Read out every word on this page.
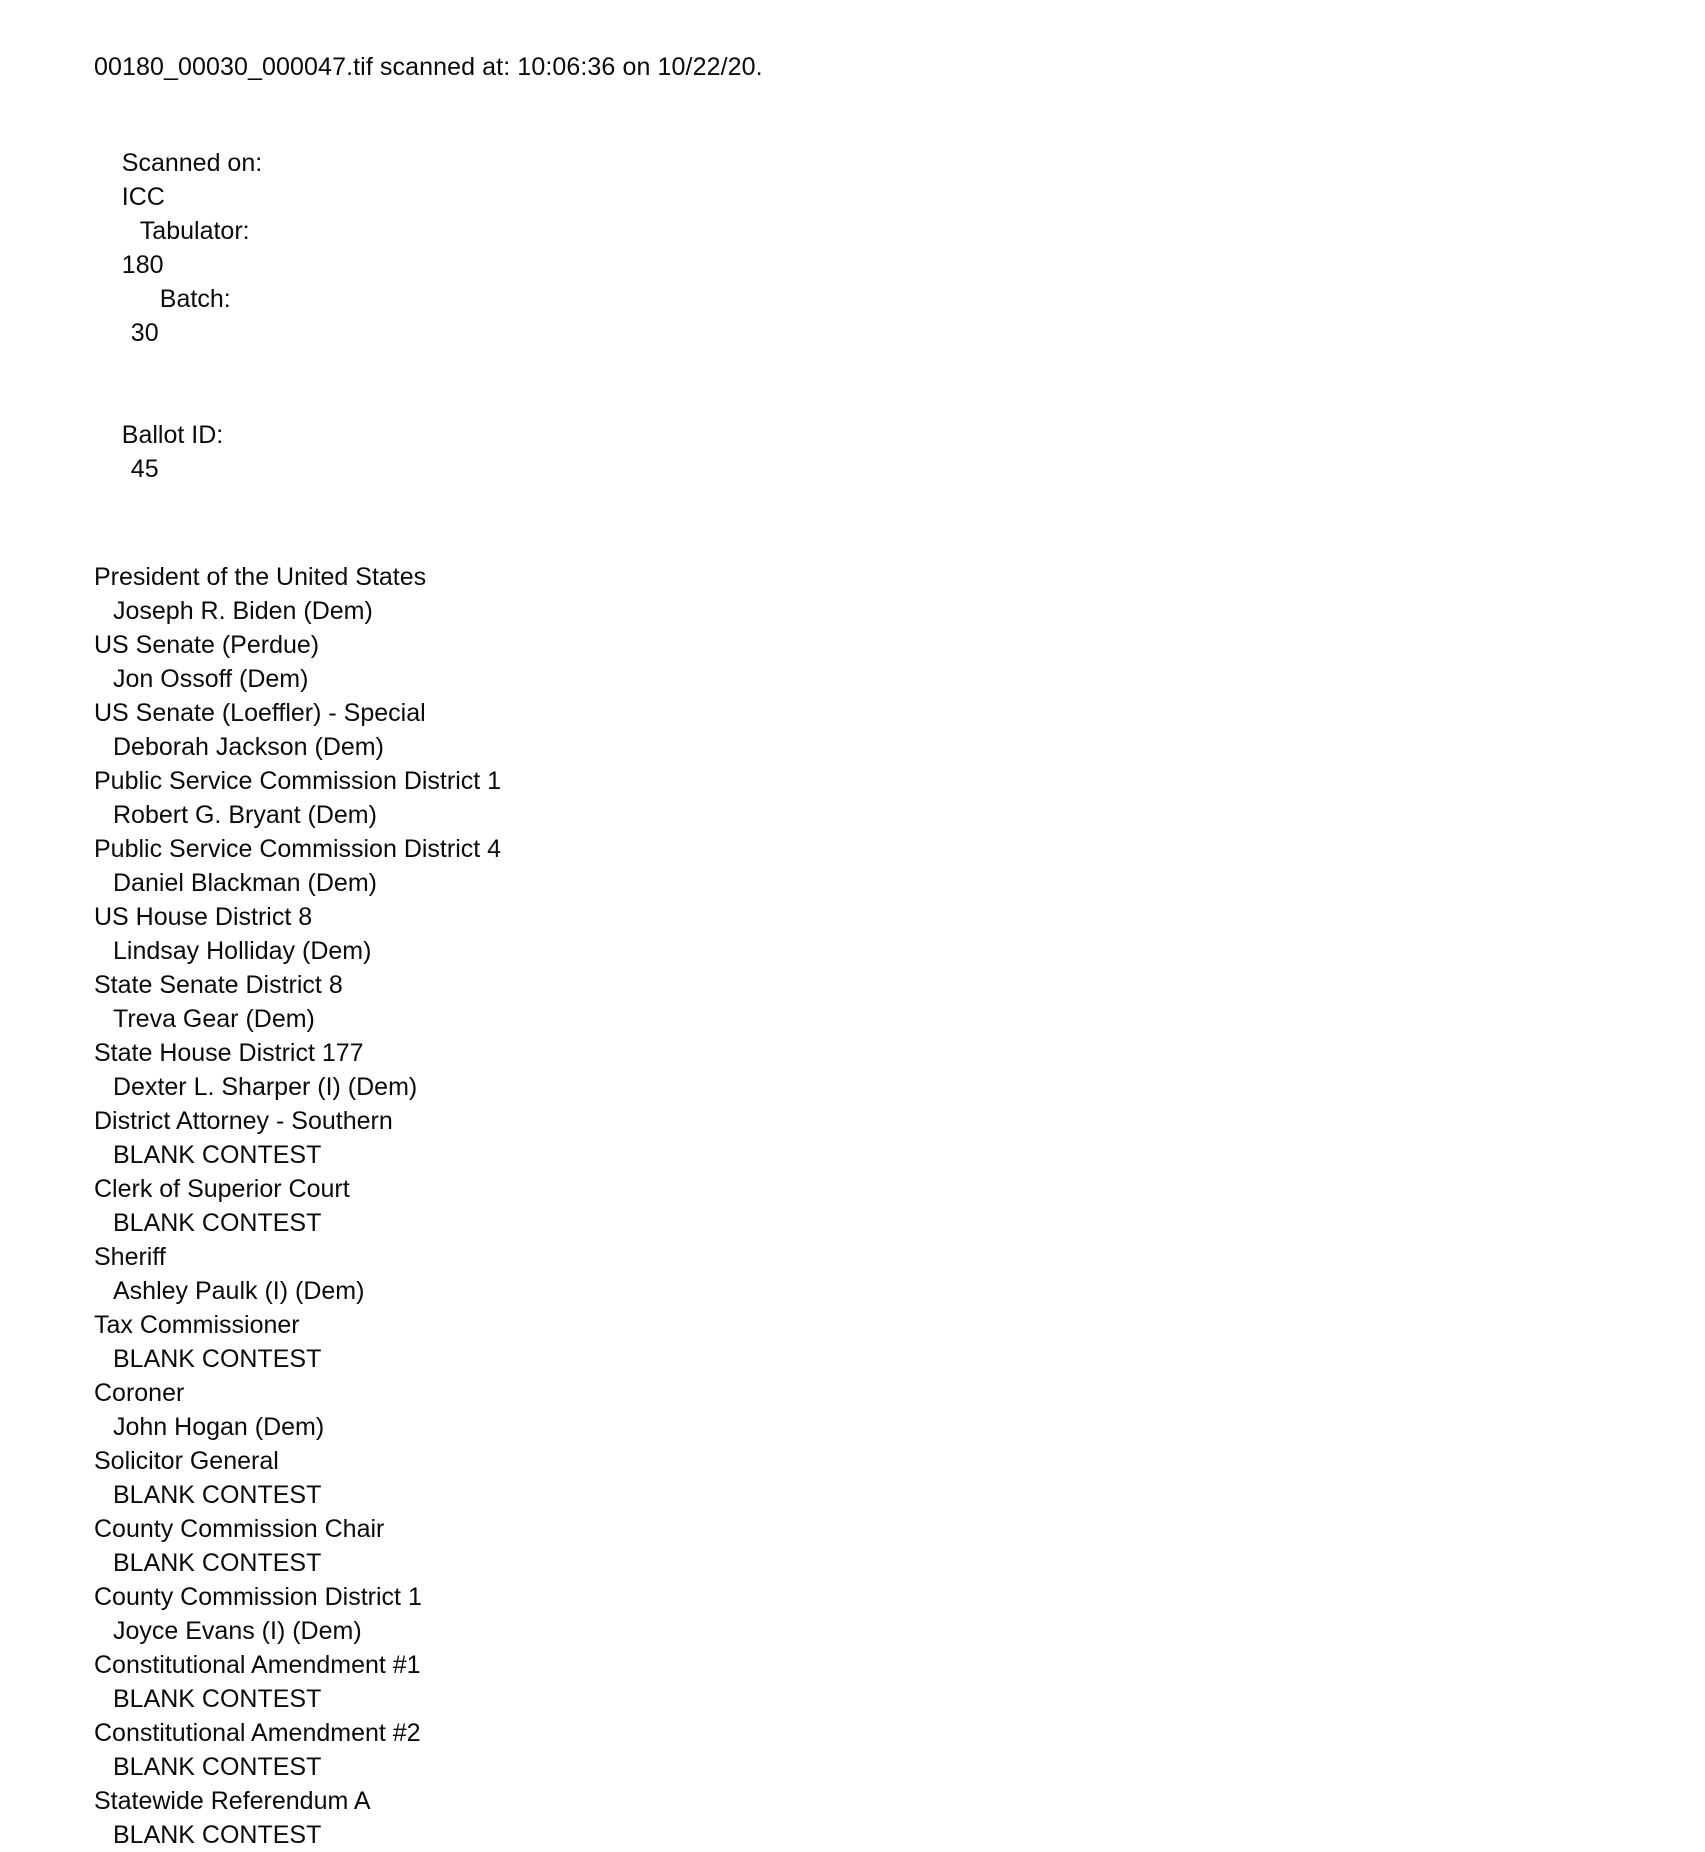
00180_00030_000047.tif scanned at: 10:06:36 on 10/22/20.

Scanned on:
ICC
Tabulator:
180
Batch:
30

Ballot ID:
45

President of the United States
Joseph R. Biden (Dem)
US Senate (Perdue)
Jon Ossoff (Dem)
US Senate (Loeffler) - Special
Deborah Jackson (Dem)
Public Service Commission District 1
Robert G. Bryant (Dem)
Public Service Commission District 4
Daniel Blackman (Dem)
US House District 8
Lindsay Holliday (Dem)
State Senate District 8
Treva Gear (Dem)
State House District 177
Dexter L. Sharper (I) (Dem)
District Attorney - Southern
BLANK CONTEST
Clerk of Superior Court
BLANK CONTEST
Sheriff
Ashley Paulk (I) (Dem)
Tax Commissioner
BLANK CONTEST
Coroner
John Hogan (Dem)
Solicitor General
BLANK CONTEST
County Commission Chair
BLANK CONTEST
County Commission District 1
Joyce Evans (I) (Dem)
Constitutional Amendment #1
BLANK CONTEST
Constitutional Amendment #2
BLANK CONTEST
Statewide Referendum A
BLANK CONTEST
